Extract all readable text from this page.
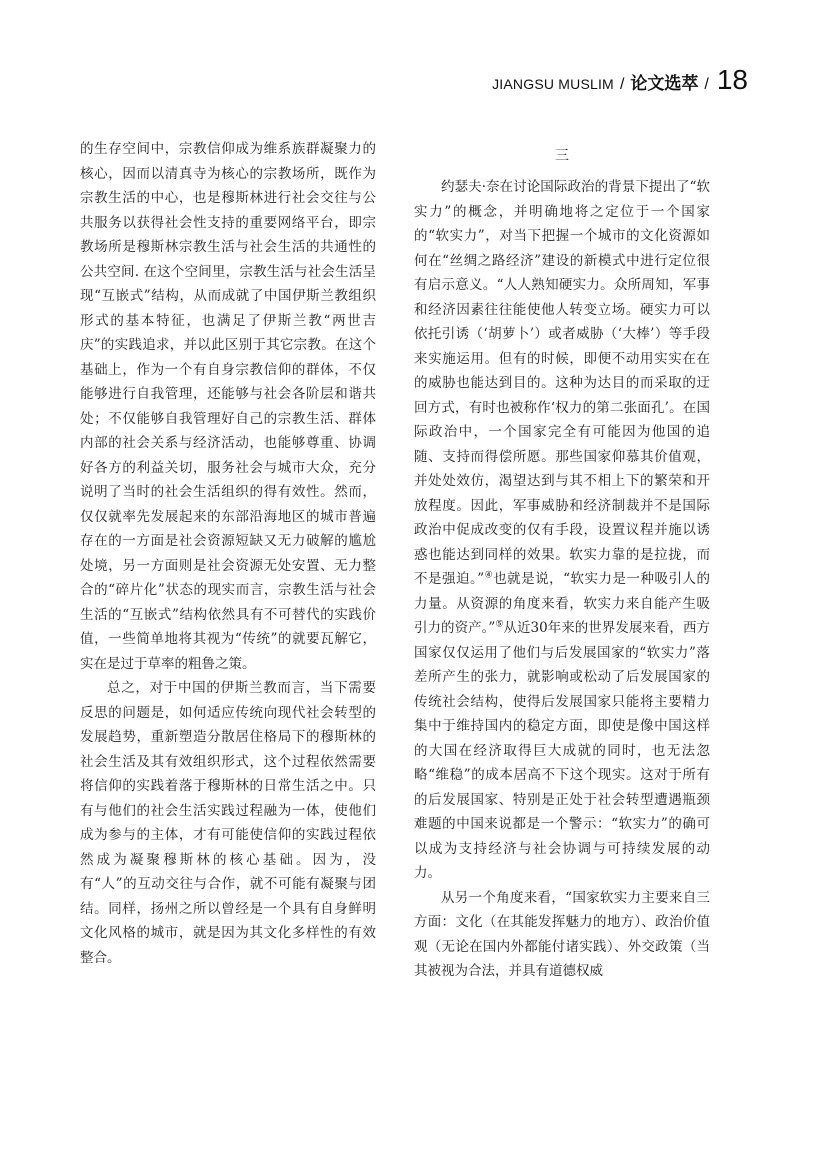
JIANGSU MUSLIM / 论文选萃 / 18

的生存空间中，宗教信仰成为维系族群凝聚力的核心，因而以清真寺为核心的宗教场所，既作为宗教生活的中心，也是穆斯林进行社会交往与公共服务以获得社会性支持的重要网络平台，即宗教场所是穆斯林宗教生活与社会生活的共通性的公共空间. 在这个空间里，宗教生活与社会生活呈现“互嵌式”结构，从而成就了中国伊斯兰教组织形式的基本特征，也满足了伊斯兰教“两世吉庆”的实践追求，并以此区别于其它宗教。在这个基础上，作为一个有自身宗教信仰的群体，不仅能够进行自我管理，还能够与社会各阶层和谐共处；不仅能够自我管理好自己的宗教生活、群体内部的社会关系与经济活动，也能够尊重、协调好各方的利益关切，服务社会与城市大众，充分说明了当时的社会生活组织的得有效性。然而，仅仅就率先发展起来的东部沿海地区的城市普遍存在的一方面是社会资源短缺又无力破解的尴尬处境，另一方面则是社会资源无处安置、无力整合的“碎片化”状态的现实而言，宗教生活与社会生活的“互嵌式”结构依然具有不可替代的实践价值，一些简单地将其视为“传统”的就要瓦解它，实在是过于草率的粗鲁之策。

总之，对于中国的伊斯兰教而言，当下需要反思的问题是，如何适应传统向现代社会转型的发展趋势，重新塑造分散居住格局下的穆斯林的社会生活及其有效组织形式，这个过程依然需要将信仰的实践着落于穆斯林的日常生活之中。只有与他们的社会生活实践过程融为一体，使他们成为参与的主体，才有可能使信仰的实践过程依然成为凝聚穆斯林的核心基础。因为，没有“人”的互动交往与合作，就不可能有凝聚与团结。同样，扬州之所以曾经是一个具有自身鲜明文化风格的城市，就是因为其文化多样性的有效整合。

三

约瑟夫·奈在讨论国际政治的背景下提出了“软实力”的概念，并明确地将之定位于一个国家的“软实力”，对当下把握一个城市的文化资源如何在“丝绸之路经济”建设的新模式中进行定位很有启示意义。“人人熟知硬实力。众所周知，军事和经济因素往往能使他人转变立场。硬实力可以依托引诱（‘胡萝卜’）或者威胁（‘大棒’）等手段来实施运用。但有的时候，即便不动用实实在在的威胁也能达到目的。这种为达目的而采取的迂回方式，有时也被称作‘权力的第二张面孔’。在国际政治中，一个国家完全有可能因为他国的追随、支持而得偿所愿。那些国家仰慕其价值观，并处处效仿，渴望达到与其不相上下的繁荣和开放程度。因此，军事威胁和经济制裁并不是国际政治中促成改变的仅有手段，设置议程并施以诱惑也能达到同样的效果。软实力靠的是拉拢，而不是强迫。”④也就是说，“软实力是一种吸引人的力量。从资源的角度来看，软实力来自能产生吸引力的资产。”⑤从近30年来的世界发展来看，西方国家仅仅运用了他们与后发展国家的“软实力”落差所产生的张力，就影响或松动了后发展国家的传统社会结构，使得后发展国家只能将主要精力集中于维持国内的稳定方面，即使是像中国这样的大国在经济取得巨大成就的同时，也无法忽略“维稳”的成本居高不下这个现实。这对于所有的后发展国家、特别是正处于社会转型遭遇瓶颈难题的中国来说都是一个警示：“软实力”的确可以成为支持经济与社会协调与可持续发展的动力。

从另一个角度来看，“国家软实力主要来自三方面：文化（在其能发挥魅力的地方）、政治价值观（无论在国内外都能付诸实践）、外交政策（当其被视为合法，并具有道德权威
